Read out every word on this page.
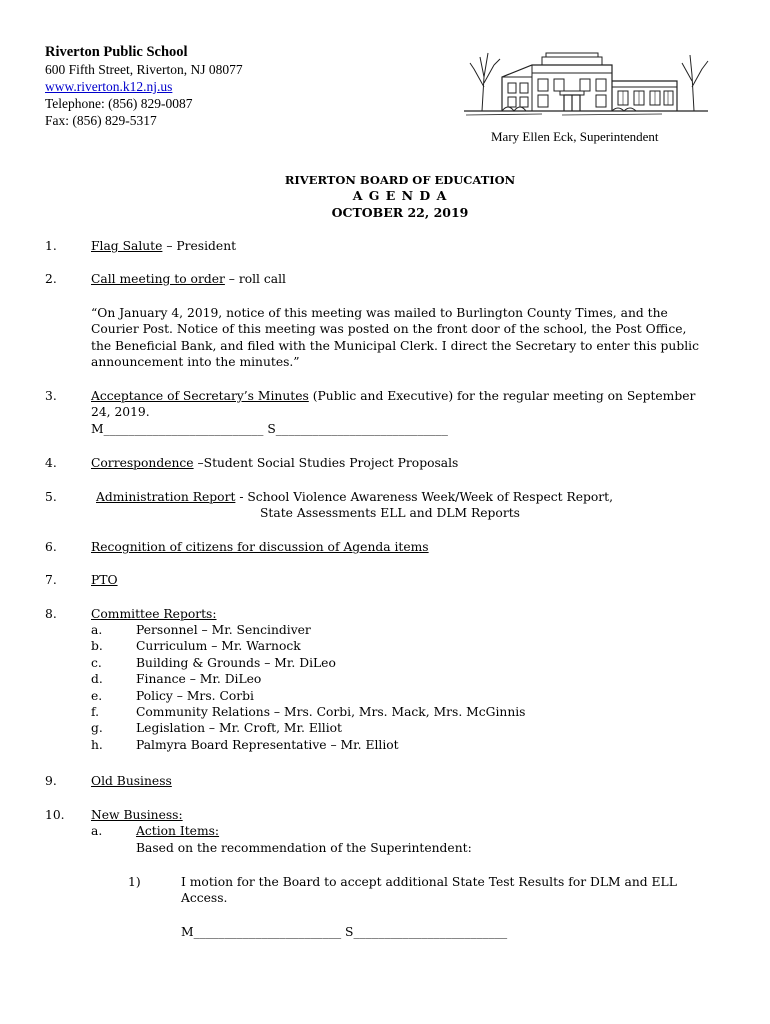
Riverton Public School
600 Fifth Street, Riverton, NJ 08077
www.riverton.k12.nj.us
Telephone: (856) 829-0087
Fax: (856) 829-5317
Mary Ellen Eck, Superintendent
RIVERTON BOARD OF EDUCATION
A G E N D A
OCTOBER 22, 2019
1.	Flag Salute – President
2.	Call meeting to order – roll call
“On January 4, 2019, notice of this meeting was mailed to Burlington County Times, and the
Courier Post. Notice of this meeting was posted on the front door of the school, the Post Office,
the Beneficial Bank, and filed with the Municipal Clerk. I direct the Secretary to enter this public
announcement into the minutes.”
3.	Acceptance of Secretary’s Minutes (Public and Executive) for the regular meeting on September
24, 2019.
M__________________________ S____________________________
4.	Correspondence –Student Social Studies Project Proposals
5.	Administration Report - School Violence Awareness Week/Week of Respect Report,
State Assessments ELL and DLM Reports
6.	Recognition of citizens for discussion of Agenda items
7.	PTO
8.	Committee Reports:
a.	Personnel – Mr. Sencindiver
b.	Curriculum – Mr. Warnock
c.	Building & Grounds – Mr. DiLeo
d.	Finance – Mr. DiLeo
e.	Policy – Mrs. Corbi
f.	Community Relations – Mrs. Corbi, Mrs. Mack, Mrs. McGinnis
g.	Legislation – Mr. Croft, Mr. Elliot
h.	Palmyra Board Representative – Mr. Elliot
9.	Old Business
10. New Business:
a.	Action Items:
Based on the recommendation of the Superintendent:
1)	I motion for the Board to accept additional State Test Results for DLM and ELL
Access.
M________________________ S_________________________
